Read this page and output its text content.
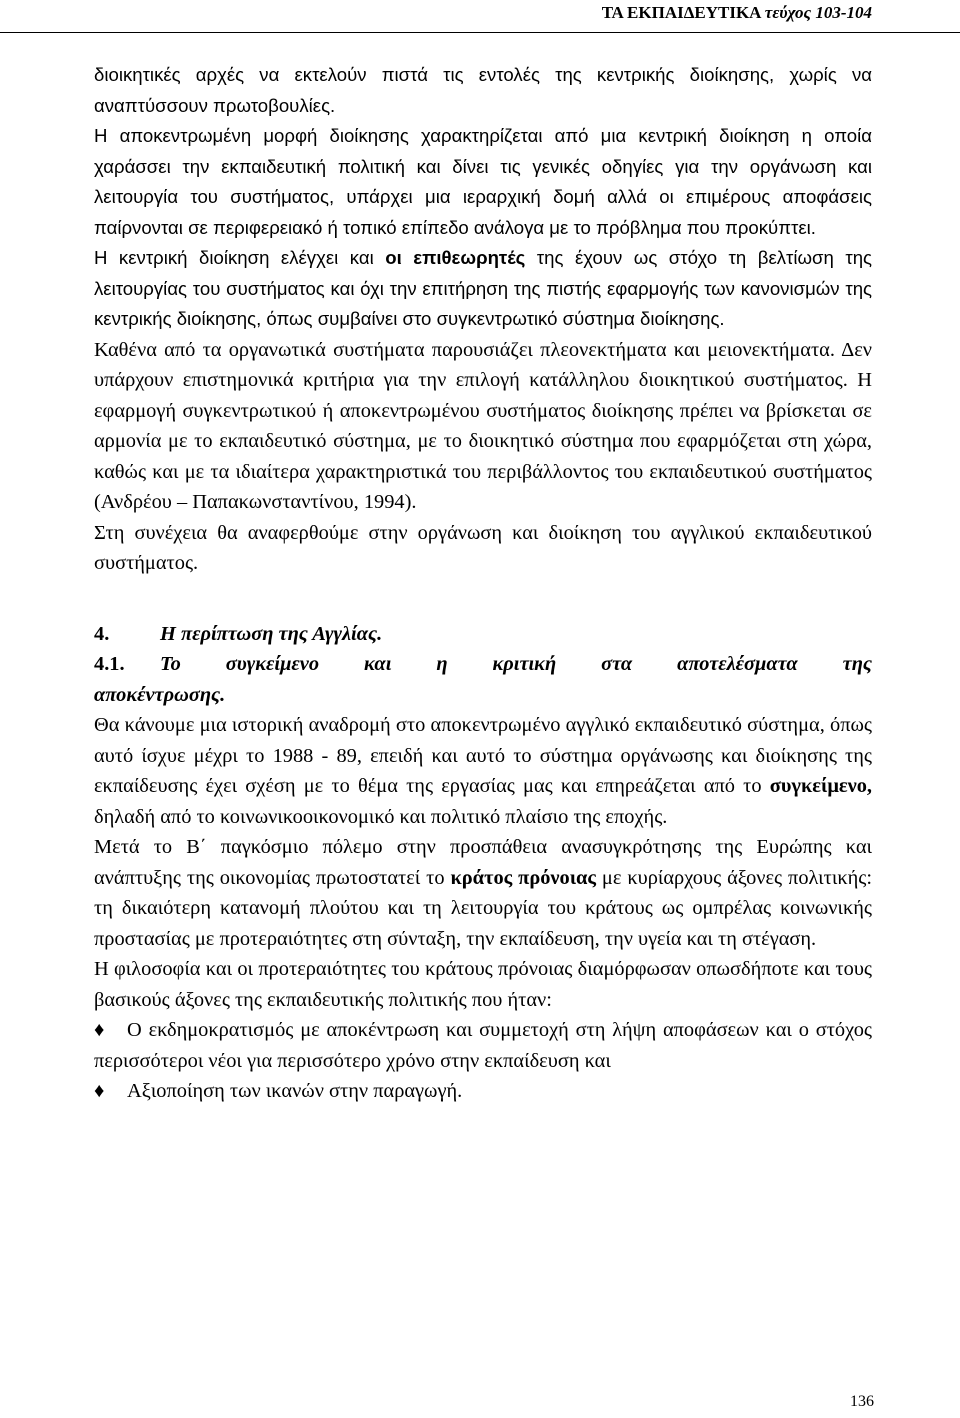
ΤΑ ΕΚΠΑΙΔΕΥΤΙΚΑ τεύχος 103-104

διοικητικές αρχές να εκτελούν πιστά τις εντολές της κεντρικής διοίκησης, χωρίς να αναπτύσσουν πρωτοβουλίες.

Η αποκεντρωμένη μορφή διοίκησης χαρακτηρίζεται από μια κεντρική διοίκηση η οποία χαράσσει την εκπαιδευτική πολιτική και δίνει τις γενικές οδηγίες για την οργάνωση και λειτουργία του συστήματος, υπάρχει μια ιεραρχική δομή αλλά οι επιμέρους αποφάσεις παίρνονται σε περιφερειακό ή τοπικό επίπεδο ανάλογα με το πρόβλημα που προκύπτει.

Η κεντρική διοίκηση ελέγχει και οι επιθεωρητές της έχουν ως στόχο τη βελτίωση της λειτουργίας του συστήματος και όχι την επιτήρηση της πιστής εφαρμογής των κανονισμών της κεντρικής διοίκησης, όπως συμβαίνει στο συγκεντρωτικό σύστημα διοίκησης.

Καθένα από τα οργανωτικά συστήματα παρουσιάζει πλεονεκτήματα και μειονεκτήματα. Δεν υπάρχουν επιστημονικά κριτήρια για την επιλογή κατάλληλου διοικητικού συστήματος. Η εφαρμογή συγκεντρωτικού ή αποκεντρωμένου συστήματος διοίκησης πρέπει να βρίσκεται σε αρμονία με το εκπαιδευτικό σύστημα, με το διοικητικό σύστημα που εφαρμόζεται στη χώρα, καθώς και με τα ιδιαίτερα χαρακτηριστικά του περιβάλλοντος του εκπαιδευτικού συστήματος (Ανδρέου – Παπακωνσταντίνου, 1994).

Στη συνέχεια θα αναφερθούμε στην οργάνωση και διοίκηση του αγγλικού εκπαιδευτικού συστήματος.

4. Η περίπτωση της Αγγλίας.
4.1. Το συγκείμενο και η κριτική στα αποτελέσματα της
αποκέντρωσης.

Θα κάνουμε μια ιστορική αναδρομή στο αποκεντρωμένο αγγλικό εκπαιδευτικό σύστημα, όπως αυτό ίσχυε μέχρι το 1988 - 89, επειδή και αυτό το σύστημα οργάνωσης και διοίκησης της εκπαίδευσης έχει σχέση με το θέμα της εργασίας μας και επηρεάζεται από το συγκείμενο, δηλαδή από το κοινωνικοοικονομικό και πολιτικό πλαίσιο της εποχής.

Μετά το Β΄ παγκόσμιο πόλεμο στην προσπάθεια ανασυγκρότησης της Ευρώπης και ανάπτυξης της οικονομίας πρωτοστατεί το κράτος πρόνοιας με κυρίαρχους άξονες πολιτικής: τη δικαιότερη κατανομή πλούτου και τη λειτουργία του κράτους ως ομπρέλας κοινωνικής προστασίας με προτεραιότητες στη σύνταξη, την εκπαίδευση, την υγεία και τη στέγαση.

Η φιλοσοφία και οι προτεραιότητες του κράτους πρόνοιας διαμόρφωσαν οπωσδήποτε και τους βασικούς άξονες της εκπαιδευτικής πολιτικής που ήταν:

♦ Ο εκδημοκρατισμός με αποκέντρωση και συμμετοχή στη λήψη αποφάσεων και ο στόχος περισσότεροι νέοι για περισσότερο χρόνο στην εκπαίδευση και

♦ Αξιοποίηση των ικανών στην παραγωγή.

136
